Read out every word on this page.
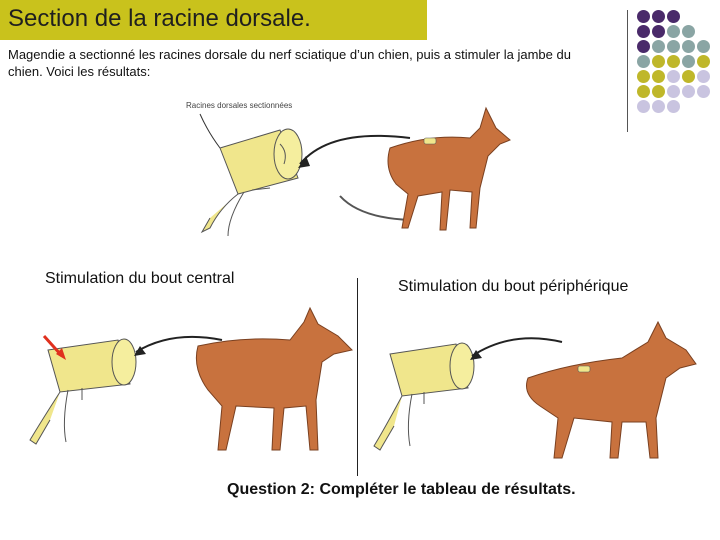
Section de la racine dorsale.
Magendie a sectionné les racines dorsale du nerf sciatique d’un chien, puis a stimuler la jambe du chien. Voici les résultats:
Racines dorsales sectionnées
Stimulation du bout central	Stimulation du bout périphérique
Question 2: Compléter le tableau de résultats.
